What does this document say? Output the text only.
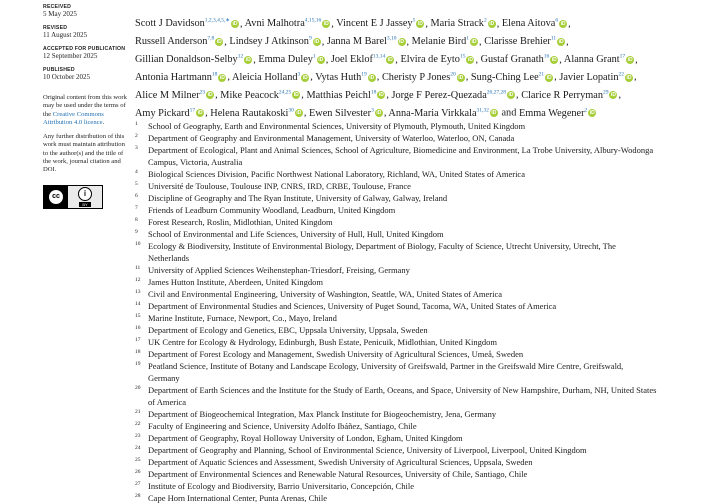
RECEIVED

5 May 2025

REVISED

11 August 2025

ACCEPTED FOR PUBLICATION

12 September 2025

PUBLISHED

10 October 2025

Original content from this work may be used under the terms of the Creative Commons Attribution 4.0 licence.
Any further distribution of this work must maintain attribution to the author(s) and the title of the work, journal citation and DOI.
cc	i
BY
Scott J Davidson$^{1,2,3,4,5,∗}$iD , Avni Malhotra$^{4,15,16}$iD , Vincent E J Jassey$^5$iD , Maria Strack$^2$iD , Elena Aitova$^6$iD , Russell Anderson$^{7,8}$iD , Lindsey J Atkinson$^9$iD , Janna M Barel$^{3,10}$iD , Melanie Bird$^1$iD , Clarisse Brehier$^{11}$iD , Gillian Donaldson-Selby$^{12}$iD , Emma Duley$^1$iD , Joel Eklof$^{13,14}$iD , Elvira de Eyto$^{15}$iD , Gustaf Granath$^{16}$iD , Alanna Grant$^{17}$iD , Antonia Hartmann$^{18}$iD , Aleicia Holland$^3$iD , Vytas Huth$^{19}$iD , Cheristy P Jones$^{20}$iD , Sung-Ching Lee$^{21}$iD , Javier Lopatin$^{22}$iD , Alice M Milner$^{23}$iD , Mike Peacock$^{24,25}$iD , Matthias Peichl$^{18}$iD , Jorge F Perez-Quezada$^{26,27,28}$iD , Clarice R Perryman$^{29}$iD , Amy Pickard$^{17}$iD , Helena Rautakoski$^{30}$iD , Ewen Silvester$^3$iD , Anna-Maria Virkkala$^{31,32}$iD and Emma Wegener$^2$iD
1 School of Geography, Earth and Environmental Sciences, University of Plymouth, Plymouth, United Kingdom
2 Department of Geography and Environmental Management, University of Waterloo, Waterloo, ON, Canada
3 Department of Ecological, Plant and Animal Sciences, School of Agriculture, Biomedicine and Environment, La Trobe University, Albury-Wodonga Campus, Victoria, Australia
4 Biological Sciences Division, Pacific Northwest National Laboratory, Richland, WA, United States of America
5 Université de Toulouse, Toulouse INP, CNRS, IRD, CRBE, Toulouse, France
6 Discipline of Geography and The Ryan Institute, University of Galway, Galway, Ireland
7 Friends of Leadburn Community Woodland, Leadburn, United Kingdom
8 Forest Research, Roslin, Midlothian, United Kingdom
9 School of Environmental and Life Sciences, University of Hull, Hull, United Kingdom
10 Ecology & Biodiversity, Institute of Environmental Biology, Department of Biology, Faculty of Science, Utrecht University, Utrecht, The Netherlands
11 University of Applied Sciences Weihenstephan-Triesdorf, Freising, Germany
12 James Hutton Institute, Aberdeen, United Kingdom
13 Civil and Environmental Engineering, University of Washington, Seattle, WA, United States of America
14 Department of Environmental Studies and Sciences, University of Puget Sound, Tacoma, WA, United States of America
15 Marine Institute, Furnace, Newport, Co., Mayo, Ireland
16 Department of Ecology and Genetics, EBC, Uppsala University, Uppsala, Sweden
17 UK Centre for Ecology & Hydrology, Edinburgh, Bush Estate, Penicuik, Midlothian, United Kingdom
18 Department of Forest Ecology and Management, Swedish University of Agricultural Sciences, Umeå, Sweden
19 Peatland Science, Institute of Botany and Landscape Ecology, University of Greifswald, Partner in the Greifswald Mire Centre, Greifswald, Germany
20 Department of Earth Sciences and the Institute for the Study of Earth, Oceans, and Space, University of New Hampshire, Durham, NH, United States of America
21 Department of Biogeochemical Integration, Max Planck Institute for Biogeochemistry, Jena, Germany
22 Faculty of Engineering and Science, University Adolfo Ibáñez, Santiago, Chile
23 Department of Geography, Royal Holloway University of London, Egham, United Kingdom
24 Department of Geography and Planning, School of Environmental Science, University of Liverpool, Liverpool, United Kingdom
25 Department of Aquatic Sciences and Assessment, Swedish University of Agricultural Sciences, Uppsala, Sweden
26 Department of Environmental Sciences and Renewable Natural Resources, University of Chile, Santiago, Chile
27 Institute of Ecology and Biodiversity, Barrio Universitario, Concepción, Chile
28 Cape Horn International Center, Punta Arenas, Chile
